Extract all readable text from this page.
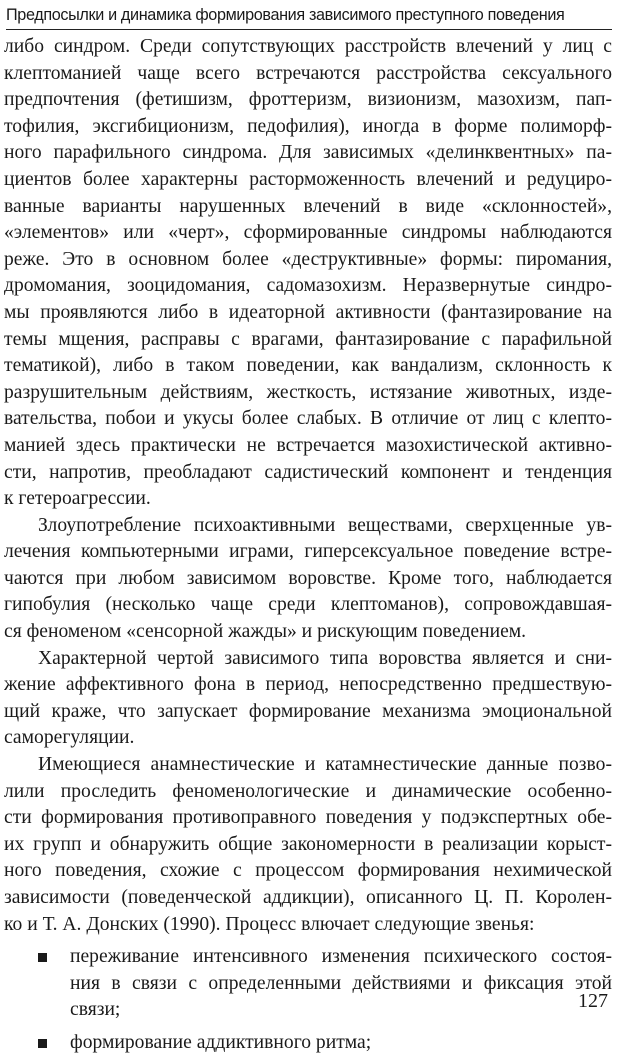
Предпосылки и динамика формирования зависимого преступного поведения
либо синдром. Среди сопутствующих расстройств влечений у лиц с
клептоманией чаще всего встречаются расстройства сексуального
предпочтения (фетишизм, фроттеризм, визионизм, мазохизм, пап-
тофилия, эксгибиционизм, педофилия), иногда в форме полиморф-
ного парафильного синдрома. Для зависимых «делинквентных» па-
циентов более характерны расторможенность влечений и редуциро-
ванные варианты нарушенных влечений в виде «склонностей»,
«элементов» или «черт», сформированные синдромы наблюдаются
реже. Это в основном более «деструктивные» формы: пиромания,
дромомания, зооцидомания, садомазохизм. Неразвернутые синдро-
мы проявляются либо в идеаторной активности (фантазирование на
темы мщения, расправы с врагами, фантазирование с парафильной
тематикой), либо в таком поведении, как вандализм, склонность к
разрушительным действиям, жесткость, истязание животных, изде-
вательства, побои и укусы более слабых. В отличие от лиц с клепто-
манией здесь практически не встречается мазохистической активно-
сти, напротив, преобладают садистический компонент и тенденция
к гетероагрессии.
Злоупотребление психоактивными веществами, сверхценные ув-
лечения компьютерными играми, гиперсексуальное поведение встре-
чаются при любом зависимом воровстве. Кроме того, наблюдается
гипобулия (несколько чаще среди клептоманов), сопровождавшая-
ся феноменом «сенсорной жажды» и рискующим поведением.
Характерной чертой зависимого типа воровства является и сни-
жение аффективного фона в период, непосредственно предшествую-
щий краже, что запускает формирование механизма эмоциональной
саморегуляции.
Имеющиеся анамнестические и катамнестические данные позво-
лили проследить феноменологические и динамические особенно-
сти формирования противоправного поведения у подэкспертных обе-
их групп и обнаружить общие закономерности в реализации корыст-
ного поведения, схожие с процессом формирования нехимической
зависимости (поведенческой аддикции), описанного Ц. П. Королен-
ко и Т. А. Донских (1990). Процесс влючает следующие звенья:
переживание интенсивного изменения психического состоя-
ния в связи с определенными действиями и фиксация этой
связи;
формирование аддиктивного ритма;
127
-
